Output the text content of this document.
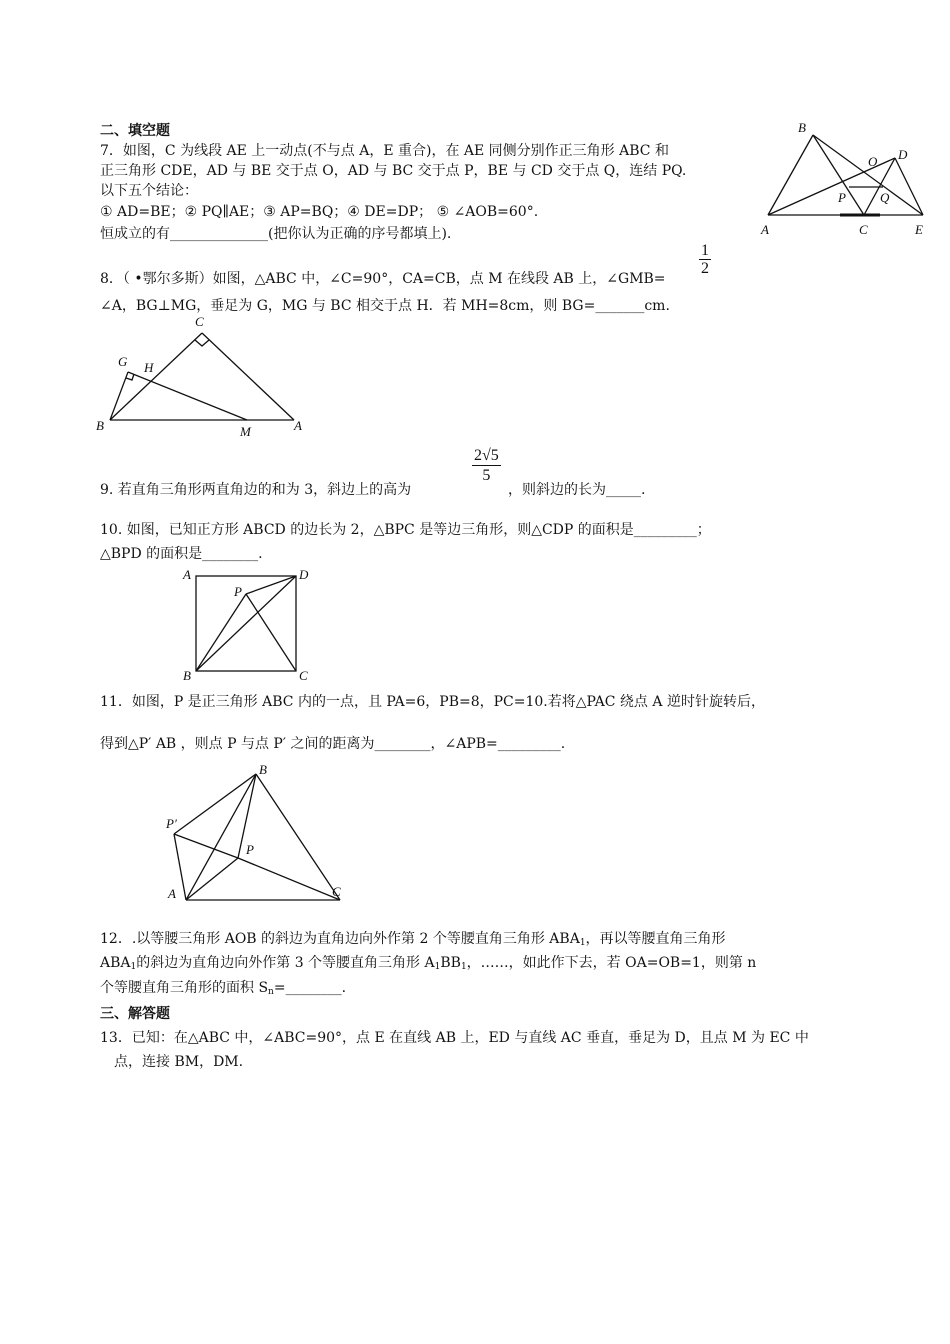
二、填空题
7．如图，C 为线段 AE 上一动点(不与点 A，E 重合)，在 AE 同侧分别作正三角形 ABC 和
正三角形 CDE，AD 与 BE 交于点 O，AD 与 BC 交于点 P，BE 与 CD 交于点 Q，连结 PQ.
以下五个结论：
① AD=BE；② PQ∥AE；③ AP=BQ；④ DE=DP； ⑤ ∠AOB=60°.
恒成立的有______________(把你认为正确的序号都填上).
B
O D
P	Q
A	C	E
8．（ •鄂尔多斯）如图，△ABC 中，∠C=90°，CA=CB，点 M 在线段 AB 上，∠GMB=
$\frac{1}{2}$
∠A，BG⊥MG，垂足为 G，MG 与 BC 相交于点 H．若 MH=8cm，则 BG=_______cm.
C
G H
B	M	A
$\frac{2√5}{5}$
9. 若直角三角形两直角边的和为 3，斜边上的高为	，则斜边的长为_____.
10. 如图，已知正方形 ABCD 的边长为 2，△BPC 是等边三角形，则△CDP 的面积是_________；
△BPD 的面积是________.
A	D
P
B	C
11．如图，P 是正三角形 ABC 内的一点，且 PA=6，PB=8，PC=10.若将△PAC 绕点 A 逆时针旋转后，
得到△P′ AB ，则点 P 与点 P′ 之间的距离为________，∠APB=_________.
B
P′
P
A	C
12．.以等腰三角形 AOB 的斜边为直角边向外作第 2 个等腰直角三角形 $ABA_1$，再以等腰直角三角形
$ABA_1$的斜边为直角边向外作第 3 个等腰直角三角形 $A_1BB_1$，……，如此作下去，若 OA=OB=1，则第 n
个等腰直角三角形的面积 $S_n=\_\_\_\_\_\_\_\_$.
三、解答题
13．已知：在△ABC 中，∠ABC=90°，点 E 在直线 AB 上，ED 与直线 AC 垂直，垂足为 D，且点 M 为 EC 中
点，连接 BM，DM.
